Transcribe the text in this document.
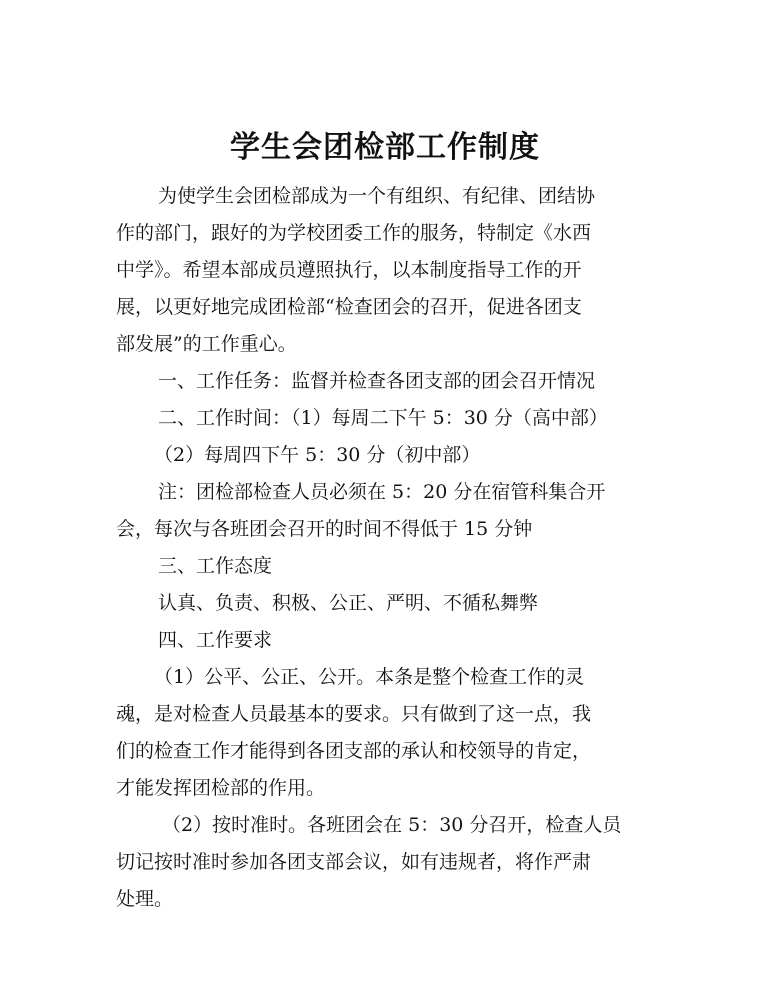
学生会团检部工作制度
为使学生会团检部成为一个有组织、有纪律、团结协
作的部门，跟好的为学校团委工作的服务，特制定《水西
中学》。希望本部成员遵照执行，以本制度指导工作的开
展，以更好地完成团检部“检查团会的召开，促进各团支
部发展”的工作重心。
一、工作任务：监督并检查各团支部的团会召开情况
二、工作时间：（1）每周二下午 5：30 分（高中部）
（2）每周四下午 5：30 分（初中部）
注：团检部检查人员必须在 5：20 分在宿管科集合开
会，每次与各班团会召开的时间不得低于 15 分钟
三、工作态度
认真、负责、积极、公正、严明、不循私舞弊
四、工作要求
（1）公平、公正、公开。本条是整个检查工作的灵
魂，是对检查人员最基本的要求。只有做到了这一点，我
们的检查工作才能得到各团支部的承认和校领导的肯定，
才能发挥团检部的作用。
（2）按时准时。各班团会在 5：30 分召开，检查人员
切记按时准时参加各团支部会议，如有违规者，将作严肃
处理。
